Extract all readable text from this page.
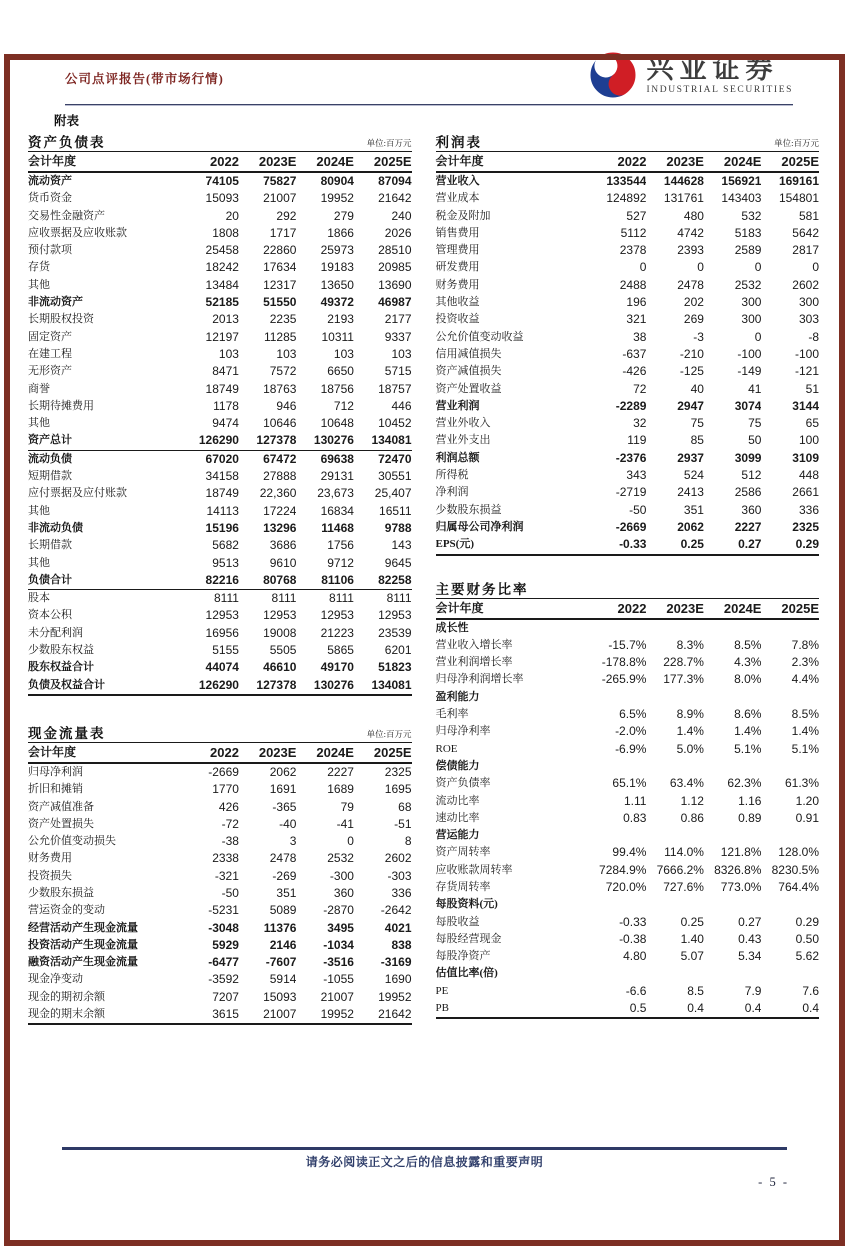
公司点评报告(带市场行情)	兴业证券
INDUSTRIAL SECURITIES
附表
资产负债表	单位:百万元
会计年度	2022	2023E	2024E	2025E
流动资产	74105	75827	80904	87094
货币资金	15093	21007	19952	21642
交易性金融资产	20	292	279	240
应收票据及应收账款	1808	1717	1866	2026
预付款项	25458	22860	25973	28510
存货	18242	17634	19183	20985
其他	13484	12317	13650	13690
非流动资产	52185	51550	49372	46987
长期股权投资	2013	2235	2193	2177
固定资产	12197	11285	10311	9337
在建工程	103	103	103	103
无形资产	8471	7572	6650	5715
商誉	18749	18763	18756	18757
长期待摊费用	1178	946	712	446
其他	9474	10646	10648	10452
资产总计	126290	127378	130276	134081
流动负债	67020	67472	69638	72470
短期借款	34158	27888	29131	30551
应付票据及应付账款	18749	22,360	23,673	25,407
其他	14113	17224	16834	16511
非流动负债	15196	13296	11468	9788
长期借款	5682	3686	1756	143
其他	9513	9610	9712	9645
负债合计	82216	80768	81106	82258
股本	8111	8111	8111	8111
资本公积	12953	12953	12953	12953
未分配利润	16956	19008	21223	23539
少数股东权益	5155	5505	5865	6201
股东权益合计	44074	46610	49170	51823
负债及权益合计	126290	127378	130276	134081
现金流量表	单位:百万元
会计年度	2022	2023E	2024E	2025E
归母净利润	-2669	2062	2227	2325
折旧和摊销	1770	1691	1689	1695
资产减值准备	426	-365	79	68
资产处置损失	-72	-40	-41	-51
公允价值变动损失	-38	3	0	8
财务费用	2338	2478	2532	2602
投资损失	-321	-269	-300	-303
少数股东损益	-50	351	360	336
营运资金的变动	-5231	5089	-2870	-2642
经营活动产生现金流量	-3048	11376	3495	4021
投资活动产生现金流量	5929	2146	-1034	838
融资活动产生现金流量	-6477	-7607	-3516	-3169
现金净变动	-3592	5914	-1055	1690
现金的期初余额	7207	15093	21007	19952
现金的期末余额	3615	21007	19952	21642
利润表	单位:百万元
会计年度	2022	2023E	2024E	2025E
营业收入	133544	144628	156921	169161
营业成本	124892	131761	143403	154801
税金及附加	527	480	532	581
销售费用	5112	4742	5183	5642
管理费用	2378	2393	2589	2817
研发费用	0	0	0	0
财务费用	2488	2478	2532	2602
其他收益	196	202	300	300
投资收益	321	269	300	303
公允价值变动收益	38	-3	0	-8
信用减值损失	-637	-210	-100	-100
资产减值损失	-426	-125	-149	-121
资产处置收益	72	40	41	51
营业利润	-2289	2947	3074	3144
营业外收入	32	75	75	65
营业外支出	119	85	50	100
利润总额	-2376	2937	3099	3109
所得税	343	524	512	448
净利润	-2719	2413	2586	2661
少数股东损益	-50	351	360	336
归属母公司净利润	-2669	2062	2227	2325
EPS(元)	-0.33	0.25	0.27	0.29
主要财务比率
会计年度	2022	2023E	2024E	2025E
成长性				
营业收入增长率	-15.7%	8.3%	8.5%	7.8%
营业利润增长率	-178.8%	228.7%	4.3%	2.3%
归母净利润增长率	-265.9%	177.3%	8.0%	4.4%
盈利能力				
毛利率	6.5%	8.9%	8.6%	8.5%
归母净利率	-2.0%	1.4%	1.4%	1.4%
ROE	-6.9%	5.0%	5.1%	5.1%
偿债能力				
资产负债率	65.1%	63.4%	62.3%	61.3%
流动比率	1.11	1.12	1.16	1.20
速动比率	0.83	0.86	0.89	0.91
营运能力				
资产周转率	99.4%	114.0%	121.8%	128.0%
应收账款周转率	7284.9%	7666.2%	8326.8%	8230.5%
存货周转率	720.0%	727.6%	773.0%	764.4%
每股资料(元)				
每股收益	-0.33	0.25	0.27	0.29
每股经营现金	-0.38	1.40	0.43	0.50
每股净资产	4.80	5.07	5.34	5.62
估值比率(倍)				
PE	-6.6	8.5	7.9	7.6
PB	0.5	0.4	0.4	0.4
请务必阅读正文之后的信息披露和重要声明
- 5 -
